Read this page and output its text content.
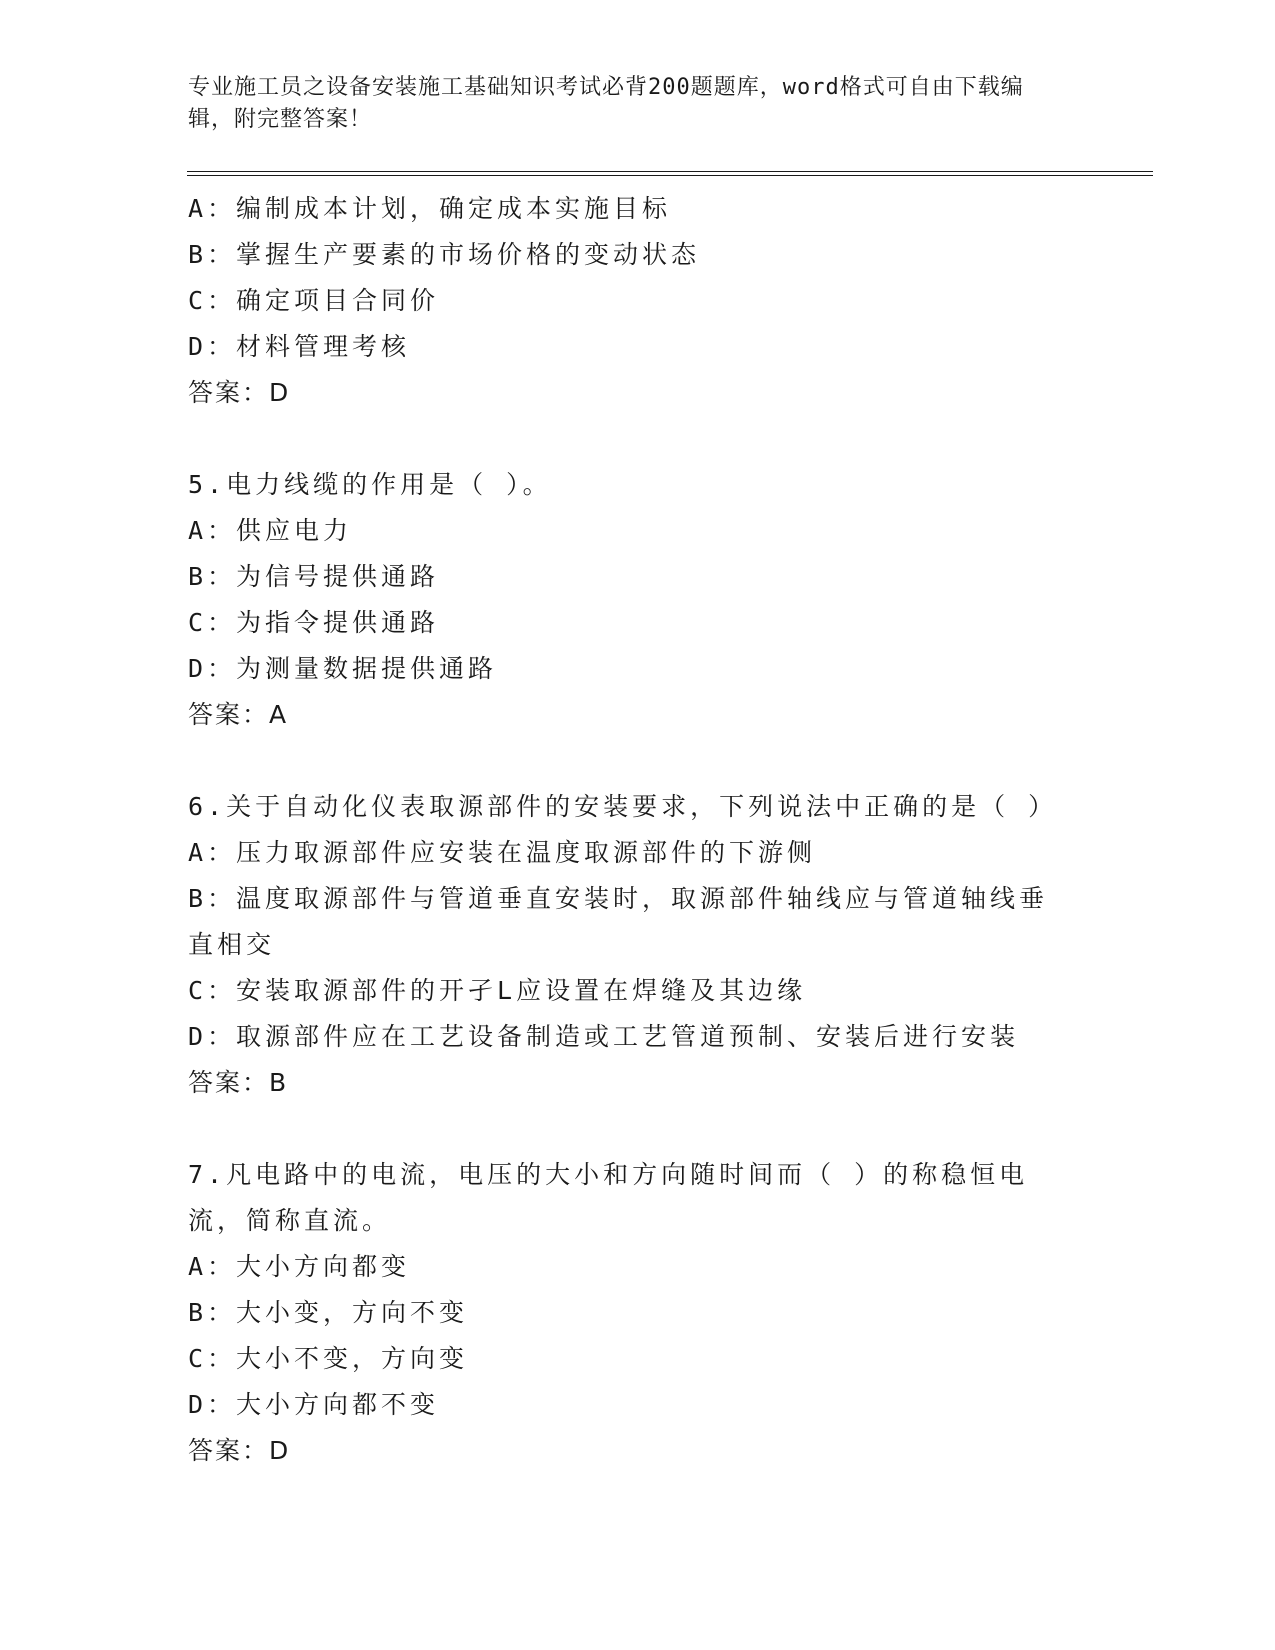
专业施工员之设备安装施工基础知识考试必背200题题库，word格式可自由下载编辑，附完整答案！
A：编制成本计划，确定成本实施目标
B：掌握生产要素的市场价格的变动状态
C：确定项目合同价
D：材料管理考核
答案：D
5.电力线缆的作用是（ ）。
A：供应电力
B：为信号提供通路
C：为指令提供通路
D：为测量数据提供通路
答案：A
6.关于自动化仪表取源部件的安装要求，下列说法中正确的是（ ）
A：压力取源部件应安装在温度取源部件的下游侧
B：温度取源部件与管道垂直安装时，取源部件轴线应与管道轴线垂直相交
C：安装取源部件的开孑L应设置在焊缝及其边缘
D：取源部件应在工艺设备制造或工艺管道预制、安装后进行安装
答案：B
7.凡电路中的电流，电压的大小和方向随时间而（ ）的称稳恒电流，简称直流。
A：大小方向都变
B：大小变，方向不变
C：大小不变，方向变
D：大小方向都不变
答案：D
